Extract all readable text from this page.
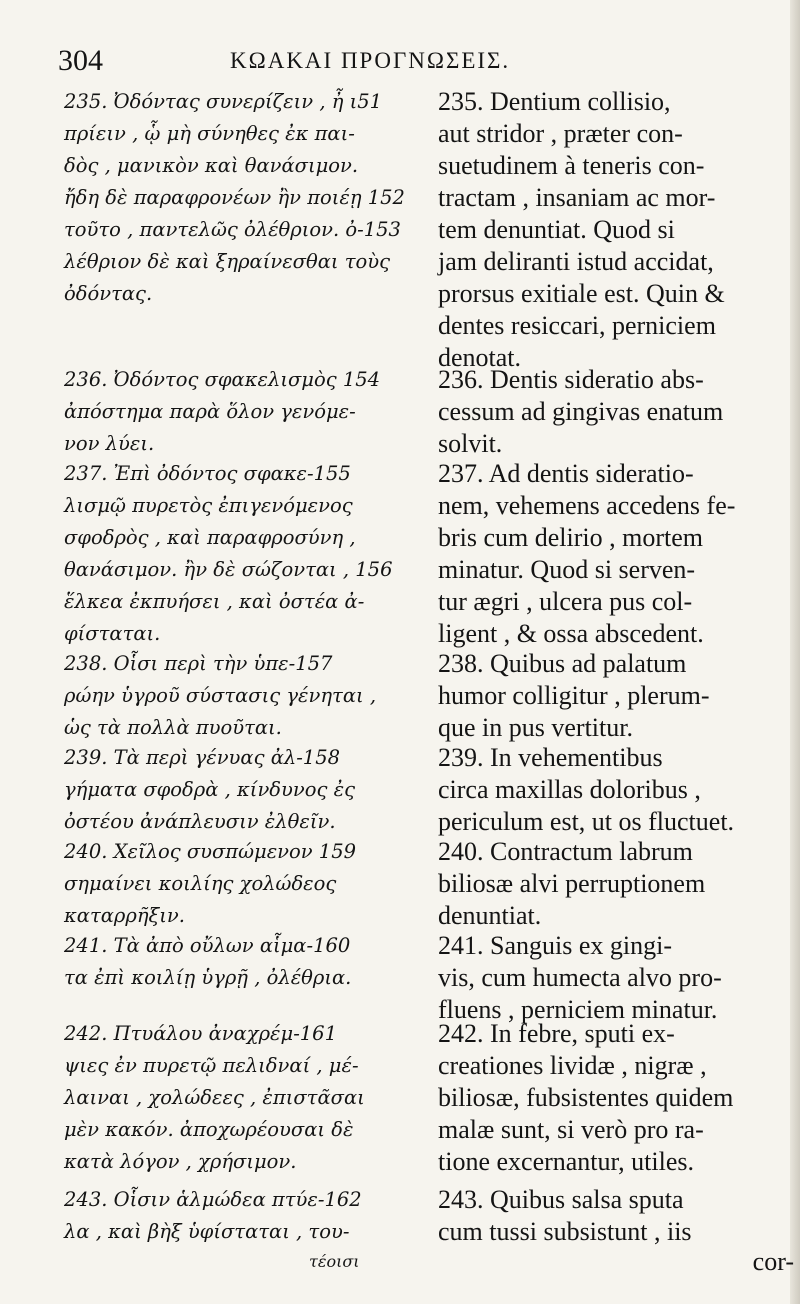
304	ΚΩΑΚΑΙ ΠΡΟΓΝΩΣΕΙΣ.
235. Ὀδόντας συνερίζειν , ἦ ι51
πρίειν , ᾧ μὴ σύνηθες ἐκ παι-
δὸς , μανικὸν καὶ θανάσιμον.
ἤδη δὲ παραφρονέων ἢν ποιέῃ 152
τοῦτο , παντελῶς ὀλέθριον. ὀ-153
λέθριον δὲ καὶ ξηραίνεσθαι τοὺς
ὀδόντας.
236. Ὀδόντος σφακελισμὸς 154
ἀπόστημα παρὰ ὅλον γενόμε-
νον λύει.
237. Ἐπὶ ὀδόντος σφακε-155
λισμῷ πυρετὸς ἐπιγενόμενος
σφοδρὸς , καὶ παραφροσύνη ,
θανάσιμον. ἢν δὲ σώζονται , 156
ἕλκεα ἐκπυήσει , καὶ ὀστέα ἀ-
φίσταται.
238. Οἷσι περὶ τὴν ὑπε-157
ρώην ὑγροῦ σύστασις γένηται ,
ὡς τὰ πολλὰ πυοῦται.
239. Τὰ περὶ γένυας ἀλ-158
γήματα σφοδρὰ , κίνδυνος ἐς
ὀστέου ἀνάπλευσιν ἐλθεῖν.
240. Χεῖλος συσπώμενον 159
σημαίνει κοιλίης χολώδεος
καταρρῆξιν.
241. Τὰ ἀπὸ οὔλων αἷμα-160
τα ἐπὶ κοιλίῃ ὑγρῇ , ὀλέθρια.
242. Πτυάλου ἀναχρέμ-161
ψιες ἐν πυρετῷ πελιδναί , μέ-
λαιναι , χολώδεες , ἐπιστᾶσαι
μὲν κακόν. ἀποχωρέουσαι δὲ
κατὰ λόγον , χρήσιμον.
243. Οἷσιν ἁλμώδεα πτύε-162
λα , καὶ βὴξ ὑφίσταται , του-
τέοισι
235. Dentium collisio,
aut stridor , præter con-
suetudinem à teneris con-
tractam , insaniam ac mor-
tem denuntiat. Quod si
jam deliranti istud accidat,
prorsus exitiale est. Quin &
dentes resiccari, perniciem
denotat.
236. Dentis sideratio abs-
cessum ad gingivas enatum
solvit.
237. Ad dentis sideratio-
nem, vehemens accedens fe-
bris cum delirio , mortem
minatur. Quod si serven-
tur ægri , ulcera pus col-
ligent , & ossa abscedent.
238. Quibus ad palatum
humor colligitur , plerum-
que in pus vertitur.
239. In vehementibus
circa maxillas doloribus ,
periculum est, ut os fluctuet.
240. Contractum labrum
biliosæ alvi perruptionem
denuntiat.
241. Sanguis ex gingi-
vis, cum humecta alvo pro-
fluens , perniciem minatur.
242. In febre, sputi ex-
creationes lividæ , nigræ ,
biliosæ, fubsistentes quidem
malæ sunt, si verò pro ra-
tione excernantur, utiles.
243. Quibus salsa sputa
cum tussi subsistunt , iis
cor-
